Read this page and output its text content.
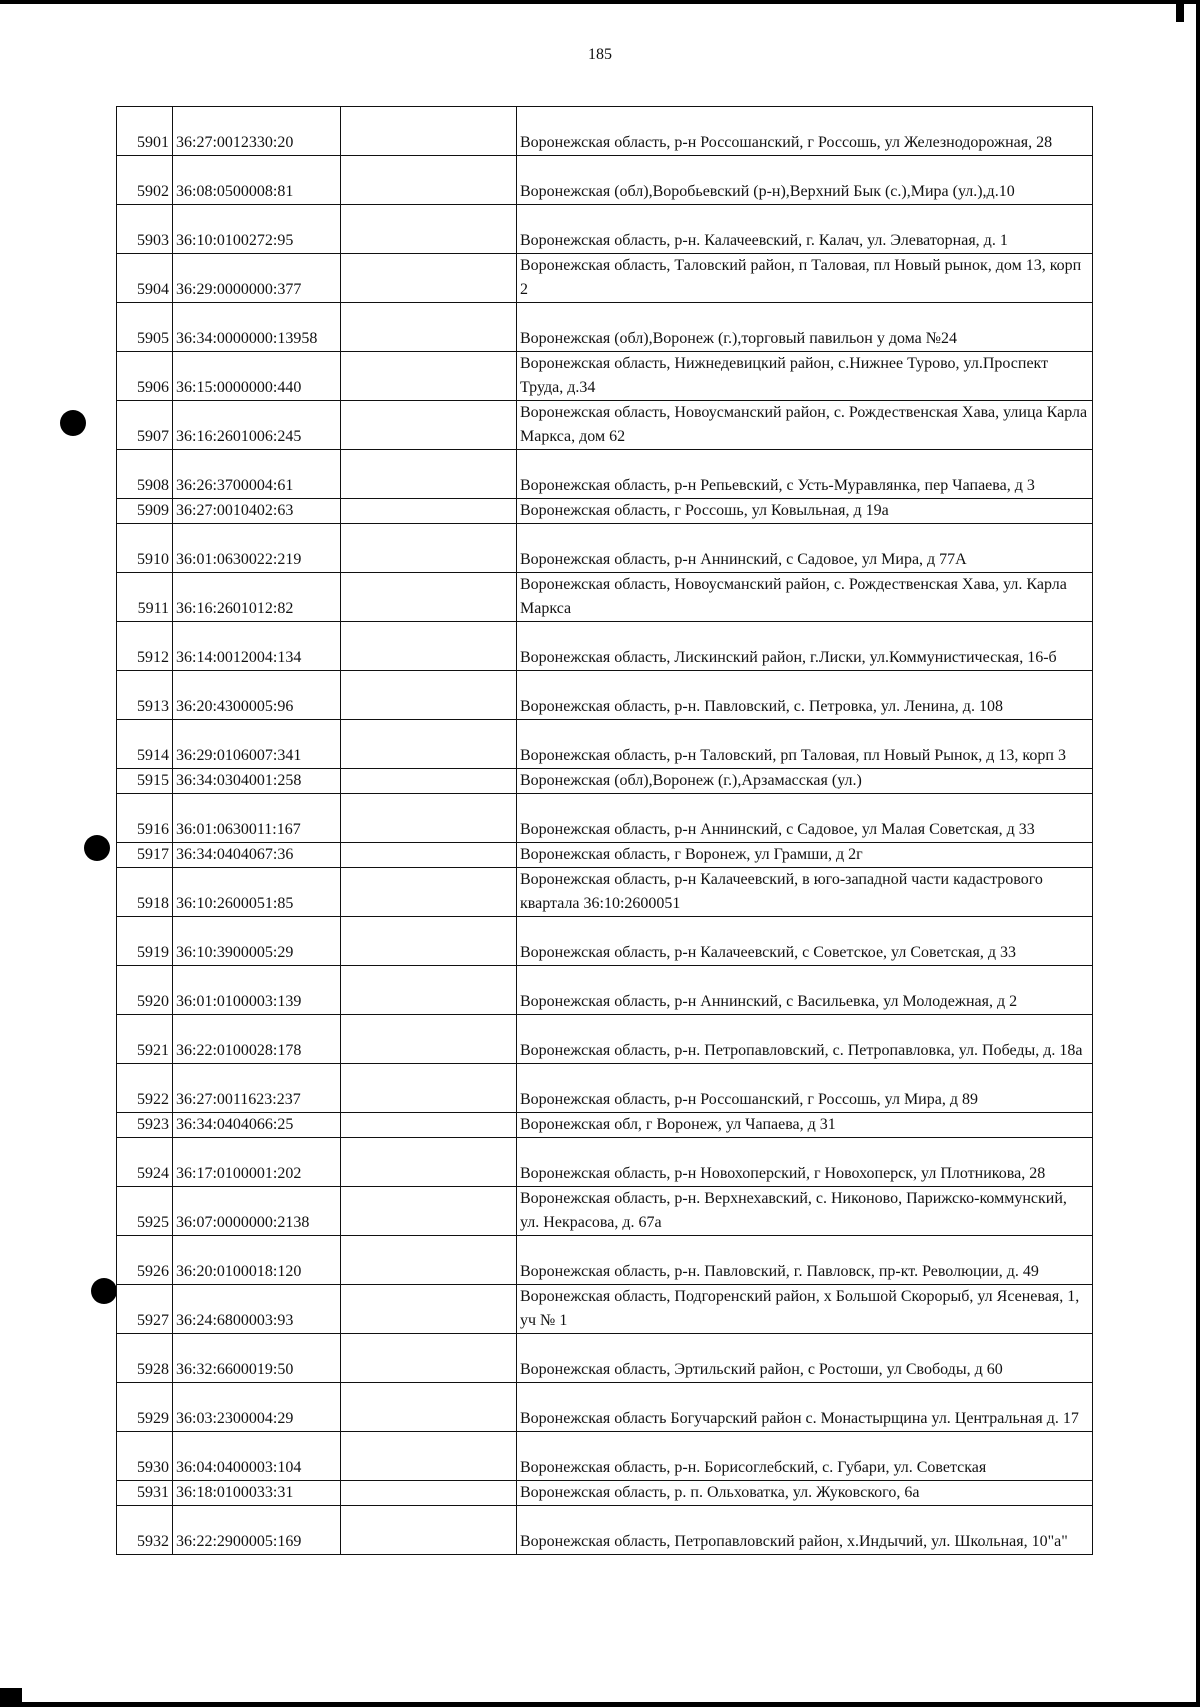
185
5901	36:27:0012330:20		Воронежская область, р-н Россошанский, г Россошь, ул Железнодорожная, 28
5902	36:08:0500008:81		Воронежская (обл),Воробьевский (р-н),Верхний Бык (с.),Мира (ул.),д.10
5903	36:10:0100272:95		Воронежская область, р-н. Калачеевский, г. Калач, ул. Элеваторная, д. 1
5904	36:29:0000000:377		Воронежская область, Таловский район, п Таловая, пл Новый рынок, дом 13, корп 2
5905	36:34:0000000:13958		Воронежская (обл),Воронеж (г.),торговый павильон у дома №24
5906	36:15:0000000:440		Воронежская область, Нижнедевицкий район, с.Нижнее Турово, ул.Проспект Труда, д.34
5907	36:16:2601006:245		Воронежская область, Новоусманский район, с. Рождественская Хава, улица Карла Маркса, дом 62
5908	36:26:3700004:61		Воронежская область, р-н Репьевский, с Усть-Муравлянка, пер Чапаева, д 3
5909	36:27:0010402:63		Воронежская область, г Россошь, ул Ковыльная, д 19а
5910	36:01:0630022:219		Воронежская область, р-н Аннинский, с Садовое, ул Мира, д 77А
5911	36:16:2601012:82		Воронежская область, Новоусманский район, с. Рождественская Хава, ул. Карла Маркса
5912	36:14:0012004:134		Воронежская область, Лискинский район, г.Лиски, ул.Коммунистическая, 16-б
5913	36:20:4300005:96		Воронежская область, р-н. Павловский, с. Петровка, ул. Ленина, д. 108
5914	36:29:0106007:341		Воронежская область, р-н Таловский, рп Таловая, пл Новый Рынок, д 13, корп 3
5915	36:34:0304001:258		Воронежская (обл),Воронеж (г.),Арзамасская (ул.)
5916	36:01:0630011:167		Воронежская область, р-н Аннинский, с Садовое, ул Малая Советская, д 33
5917	36:34:0404067:36		Воронежская область, г Воронеж, ул Грамши, д 2г
5918	36:10:2600051:85		Воронежская область, р-н Калачеевский, в юго-западной части кадастрового квартала 36:10:2600051
5919	36:10:3900005:29		Воронежская область, р-н Калачеевский, с Советское, ул Советская, д 33
5920	36:01:0100003:139		Воронежская область, р-н Аннинский, с Васильевка, ул Молодежная, д 2
5921	36:22:0100028:178		Воронежская область, р-н. Петропавловский, с. Петропавловка, ул. Победы, д. 18а
5922	36:27:0011623:237		Воронежская область, р-н Россошанский, г Россошь, ул Мира, д 89
5923	36:34:0404066:25		Воронежская обл, г Воронеж, ул Чапаева, д 31
5924	36:17:0100001:202		Воронежская область, р-н Новохоперский, г Новохоперск, ул Плотникова, 28
5925	36:07:0000000:2138		Воронежская область, р-н. Верхнехавский, с. Никоново, Парижско-коммунский, ул. Некрасова, д. 67а
5926	36:20:0100018:120		Воронежская область, р-н. Павловский, г. Павловск, пр-кт. Революции, д. 49
5927	36:24:6800003:93		Воронежская область, Подгоренский район, х Большой Скорорыб, ул Ясеневая, 1, уч № 1
5928	36:32:6600019:50		Воронежская область, Эртильский район, с Ростоши, ул Свободы, д 60
5929	36:03:2300004:29		Воронежская область Богучарский район с. Монастырщина ул. Центральная д. 17
5930	36:04:0400003:104		Воронежская область, р-н. Борисоглебский, с. Губари, ул. Советская
5931	36:18:0100033:31		Воронежская область, р. п. Ольховатка, ул. Жуковского, 6а
5932	36:22:2900005:169		Воронежская область, Петропавловский район, х.Индычий, ул. Школьная, 10"а"
